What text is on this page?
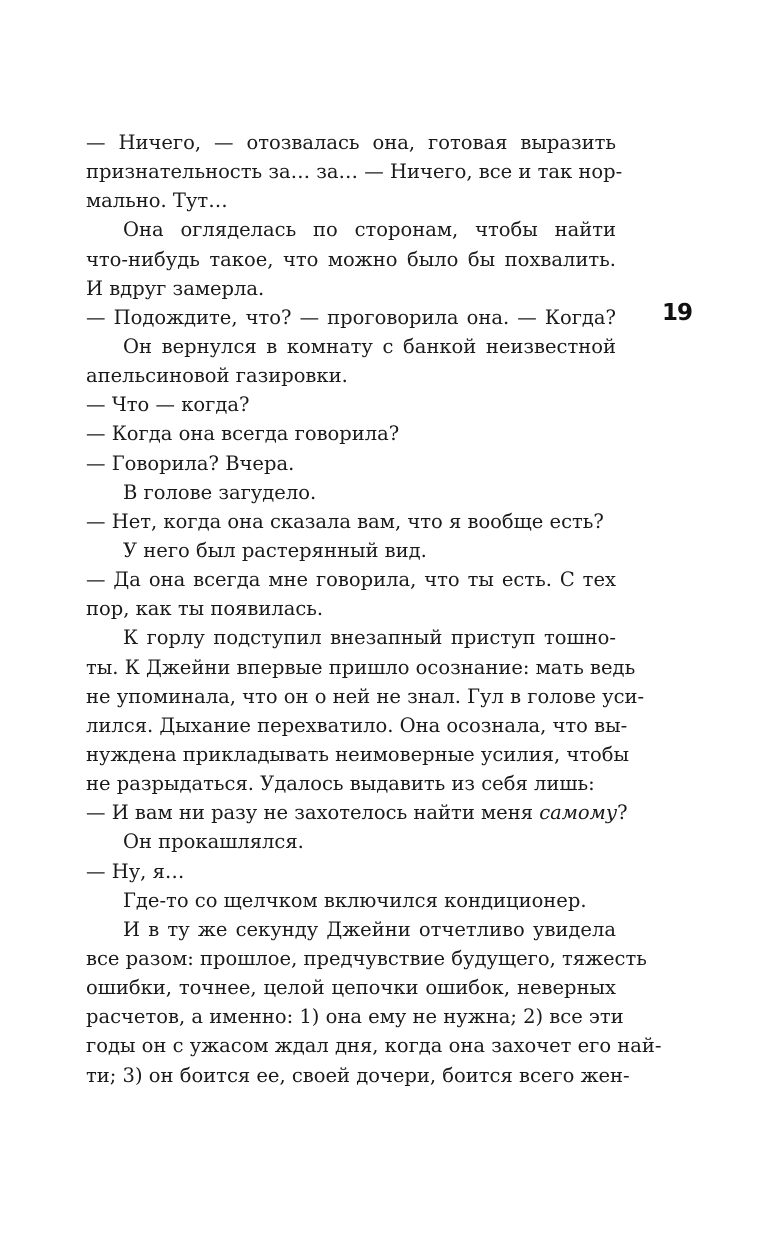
19
— Ничего, — отозвалась она, готовая выразить
признательность за… за… — Ничего, все и так нор-
мально. Тут…
Она огляделась по сторонам, чтобы найти
что-нибудь такое, что можно было бы похвалить.
И вдруг замерла.
— Подождите, что? — проговорила она. — Когда?
Он вернулся в комнату с банкой неизвестной
апельсиновой газировки.
— Что — когда?
— Когда она всегда говорила?
— Говорила? Вчера.
В голове загудело.
— Нет, когда она сказала вам, что я вообще есть?
У него был растерянный вид.
— Да она всегда мне говорила, что ты есть. С тех
пор, как ты появилась.
К горлу подступил внезапный приступ тошно-
ты. К Джейни впервые пришло осознание: мать ведь
не упоминала, что он о ней не знал. Гул в голове уси-
лился. Дыхание перехватило. Она осознала, что вы-
нуждена прикладывать неимоверные усилия, чтобы
не разрыдаться. Удалось выдавить из себя лишь:
— И вам ни разу не захотелось найти меня самому?
Он прокашлялся.
— Ну, я…
Где-то со щелчком включился кондиционер.
И в ту же секунду Джейни отчетливо увидела
все разом: прошлое, предчувствие будущего, тяжесть
ошибки, точнее, целой цепочки ошибок, неверных
расчетов, а именно: 1) она ему не нужна; 2) все эти
годы он с ужасом ждал дня, когда она захочет его най-
ти; 3) он боится ее, своей дочери, боится всего жен-
